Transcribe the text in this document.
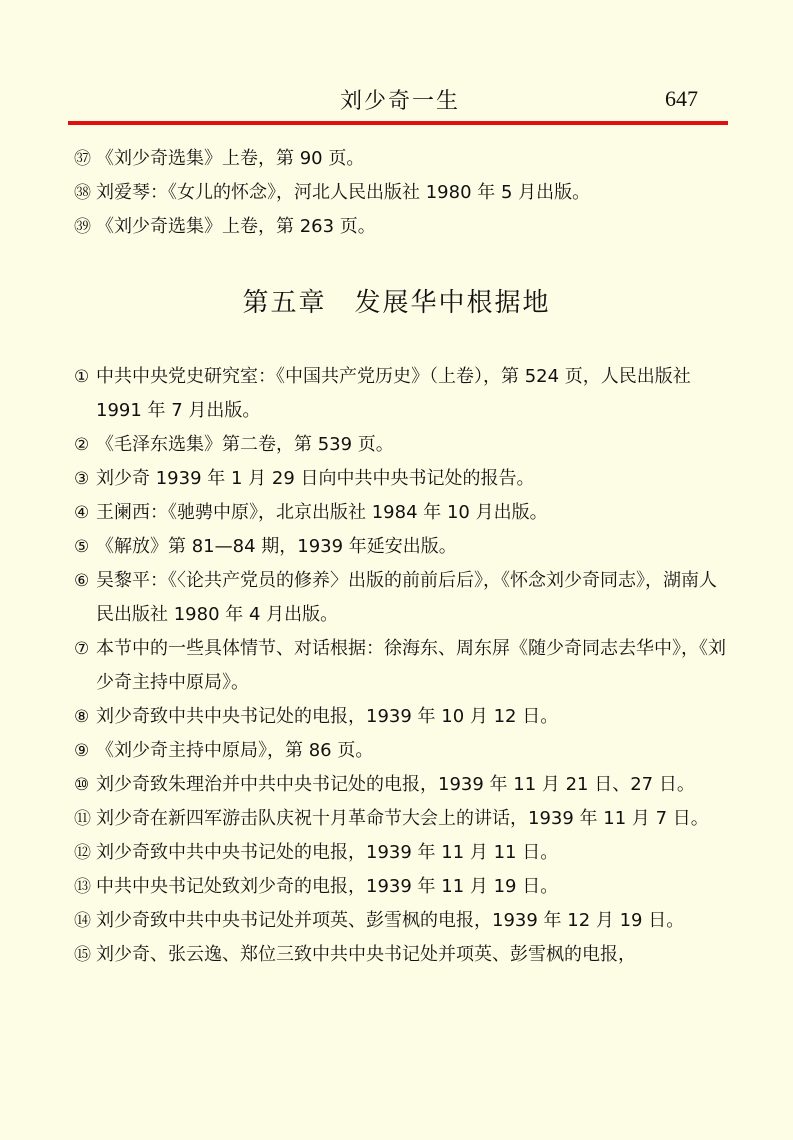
刘少奇一生	647

㊲ 《刘少奇选集》上卷，第 90 页。

㊳ 刘爱琴：《女儿的怀念》，河北人民出版社 1980 年 5 月出版。

㊴ 《刘少奇选集》上卷，第 263 页。

第五章　发展华中根据地

① 中共中央党史研究室：《中国共产党历史》（上卷），第 524 页，人民出版社 1991 年 7 月出版。

② 《毛泽东选集》第二卷，第 539 页。

③ 刘少奇 1939 年 1 月 29 日向中共中央书记处的报告。

④ 王阑西：《驰骋中原》，北京出版社 1984 年 10 月出版。

⑤ 《解放》第 81—84 期，1939 年延安出版。

⑥ 吴黎平：《〈论共产党员的修养〉出版的前前后后》，《怀念刘少奇同志》，湖南人民出版社 1980 年 4 月出版。

⑦ 本节中的一些具体情节、对话根据：徐海东、周东屏《随少奇同志去华中》，《刘少奇主持中原局》。

⑧ 刘少奇致中共中央书记处的电报，1939 年 10 月 12 日。

⑨ 《刘少奇主持中原局》，第 86 页。

⑩ 刘少奇致朱理治并中共中央书记处的电报，1939 年 11 月 21 日、27 日。

⑪ 刘少奇在新四军游击队庆祝十月革命节大会上的讲话，1939 年 11 月 7 日。

⑫ 刘少奇致中共中央书记处的电报，1939 年 11 月 11 日。

⑬ 中共中央书记处致刘少奇的电报，1939 年 11 月 19 日。

⑭ 刘少奇致中共中央书记处并项英、彭雪枫的电报，1939 年 12 月 19 日。

⑮ 刘少奇、张云逸、郑位三致中共中央书记处并项英、彭雪枫的电报，
